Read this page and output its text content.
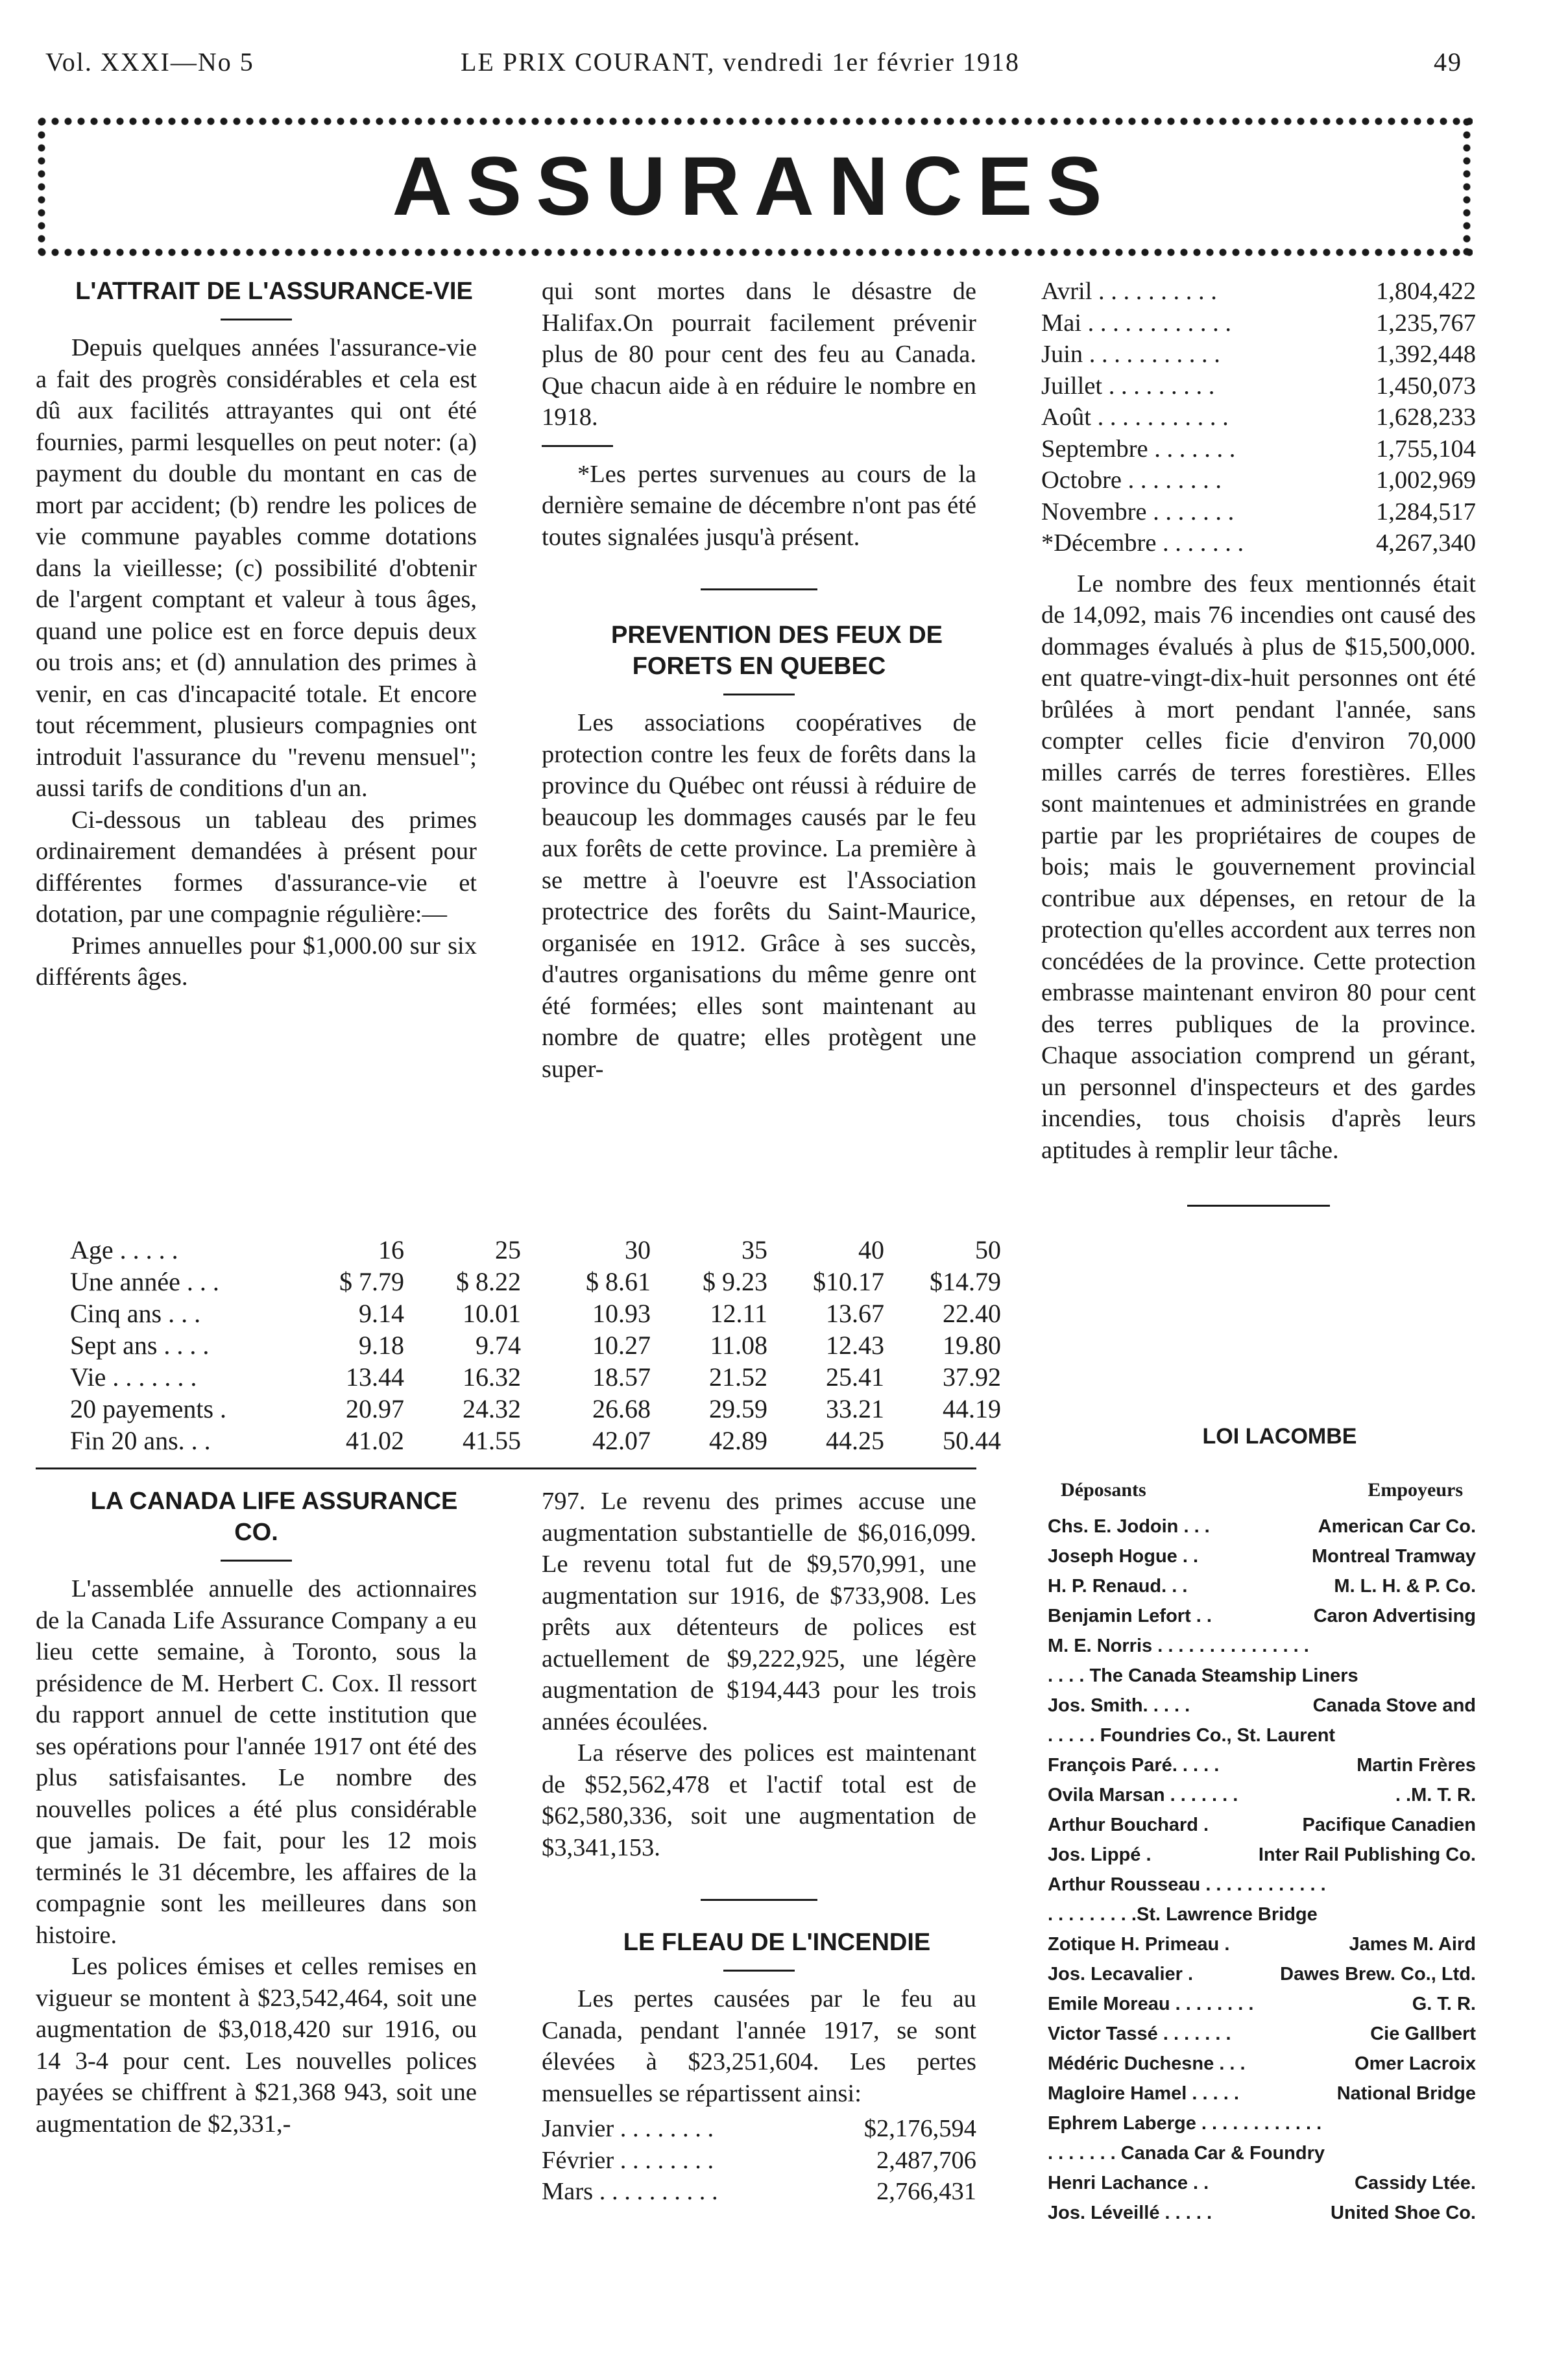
Vol. XXXI—No 5	LE PRIX COURANT, vendredi 1er février 1918	49
ASSURANCES

L'ATTRAIT DE L'ASSURANCE-VIE

Depuis quelques années l'assurance-vie a fait des progrès considérables et cela est dû aux facilités attrayantes qui ont été fournies, parmi lesquelles on peut noter: (a) payment du double du montant en cas de mort par accident; (b) rendre les polices de vie commune payables comme dotations dans la vieillesse; (c) possibilité d'obtenir de l'argent comptant et valeur à tous âges, quand une police est en force depuis deux ou trois ans; et (d) annulation des primes à venir, en cas d'incapacité totale. Et encore tout récemment, plusieurs compagnies ont introduit l'assurance du "revenu mensuel"; aussi tarifs de conditions d'un an.

Ci-dessous un tableau des primes ordinairement demandées à présent pour différentes formes d'assurance-vie et dotation, par une compagnie régulière:—

Primes annuelles pour $1,000.00 sur six différents âges.

Age . . . . .	16	25	30	35	40	50
Une année . . .	$ 7.79	$ 8.22	$ 8.61	$ 9.23	$10.17	$14.79
Cinq ans . . .	9.14	10.01	10.93	12.11	13.67	22.40
Sept ans . . . .	9.18	9.74	10.27	11.08	12.43	19.80
Vie . . . . . . .	13.44	16.32	18.57	21.52	25.41	37.92
20 payements .	20.97	24.32	26.68	29.59	33.21	44.19
Fin 20 ans. . .	41.02	41.55	42.07	42.89	44.25	50.44

qui sont mortes dans le désastre de Halifax.On pourrait facilement prévenir plus de 80 pour cent des feu au Canada. Que chacun aide à en réduire le nombre en 1918.

*Les pertes survenues au cours de la dernière semaine de décembre n'ont pas été toutes signalées jusqu'à présent.

PREVENTION DES FEUX DE FORETS EN QUEBEC

Les associations coopératives de protection contre les feux de forêts dans la province du Québec ont réussi à réduire de beaucoup les dommages causés par le feu aux forêts de cette province. La première à se mettre à l'oeuvre est l'Association protectrice des forêts du Saint-Maurice, organisée en 1912. Grâce à ses succès, d'autres organisations du même genre ont été formées; elles sont maintenant au nombre de quatre; elles protègent une super-

Avril . . . . . . . . . .	1,804,422
Mai . . . . . . . . . . . .	1,235,767
Juin . . . . . . . . . . .	1,392,448
Juillet . . . . . . . . .	1,450,073
Août . . . . . . . . . . .	1,628,233
Septembre . . . . . . .	1,755,104
Octobre . . . . . . . .	1,002,969
Novembre . . . . . . .	1,284,517
*Décembre . . . . . . .	4,267,340

Le nombre des feux mentionnés était de 14,092, mais 76 incendies ont causé des dommages évalués à plus de $15,500,000. ent quatre-vingt-dix-huit personnes ont été brûlées à mort pendant l'année, sans compter celles ficie d'environ 70,000 milles carrés de terres forestières. Elles sont maintenues et administrées en grande partie par les propriétaires de coupes de bois; mais le gouvernement provincial contribue aux dépenses, en retour de la protection qu'elles accordent aux terres non concédées de la province. Cette protection embrasse maintenant environ 80 pour cent des terres publiques de la province. Chaque association comprend un gérant, un personnel d'inspecteurs et des gardes incendies, tous choisis d'après leurs aptitudes à remplir leur tâche.

LA CANADA LIFE ASSURANCE CO.

L'assemblée annuelle des actionnaires de la Canada Life Assurance Company a eu lieu cette semaine, à Toronto, sous la présidence de M. Herbert C. Cox. Il ressort du rapport annuel de cette institution que ses opérations pour l'année 1917 ont été des plus satisfaisantes. Le nombre des nouvelles polices a été plus considérable que jamais. De fait, pour les 12 mois terminés le 31 décembre, les affaires de la compagnie sont les meilleures dans son histoire.

Les polices émises et celles remises en vigueur se montent à $23,542,464, soit une augmentation de $3,018,420 sur 1916, ou 14 3-4 pour cent. Les nouvelles polices payées se chiffrent à $21,368 943, soit une augmentation de $2,331,-

797. Le revenu des primes accuse une augmentation substantielle de $6,016,099. Le revenu total fut de $9,570,991, une augmentation sur 1916, de $733,908. Les prêts aux détenteurs de polices est actuellement de $9,222,925, une légère augmentation de $194,443 pour les trois années écoulées.

La réserve des polices est maintenant de $52,562,478 et l'actif total est de $62,580,336, soit une augmentation de $3,341,153.

LE FLEAU DE L'INCENDIE

Les pertes causées par le feu au Canada, pendant l'année 1917, se sont élevées à $23,251,604. Les pertes mensuelles se répartissent ainsi:

Janvier . . . . . . . .	$2,176,594
Février . . . . . . . .	2,487,706
Mars . . . . . . . . . .	2,766,431

LOI LACOMBE

Déposants	Empoyeurs
Chs. E. Jodoin . . .	American Car Co.
Joseph Hogue . .	Montreal Tramway
H. P. Renaud. . .	M. L. H. & P. Co.
Benjamin Lefort . .	Caron Advertising
M. E. Norris . . . . . . . . . . . . . . .
. . . . The Canada Steamship Liners
Jos. Smith. . . . .	Canada Stove and
. . . . . Foundries Co., St. Laurent
François Paré. . . . .	Martin Frères
Ovila Marsan . . . . . . .	. .M. T. R.
Arthur Bouchard .	Pacifique Canadien
Jos. Lippé .	Inter Rail Publishing Co.
Arthur Rousseau . . . . . . . . . . . .
. . . . . . . . .St. Lawrence Bridge
Zotique H. Primeau .	James M. Aird
Jos. Lecavalier .	Dawes Brew. Co., Ltd.
Emile Moreau . . . . . . . .	G. T. R.
Victor Tassé . . . . . . .	Cie Gallbert
Médéric Duchesne . . .	Omer Lacroix
Magloire Hamel . . . . .	National Bridge
Ephrem Laberge . . . . . . . . . . . .
. . . . . . . Canada Car & Foundry
Henri Lachance . .	Cassidy Ltée.
Jos. Léveillé . . . . .	United Shoe Co.
